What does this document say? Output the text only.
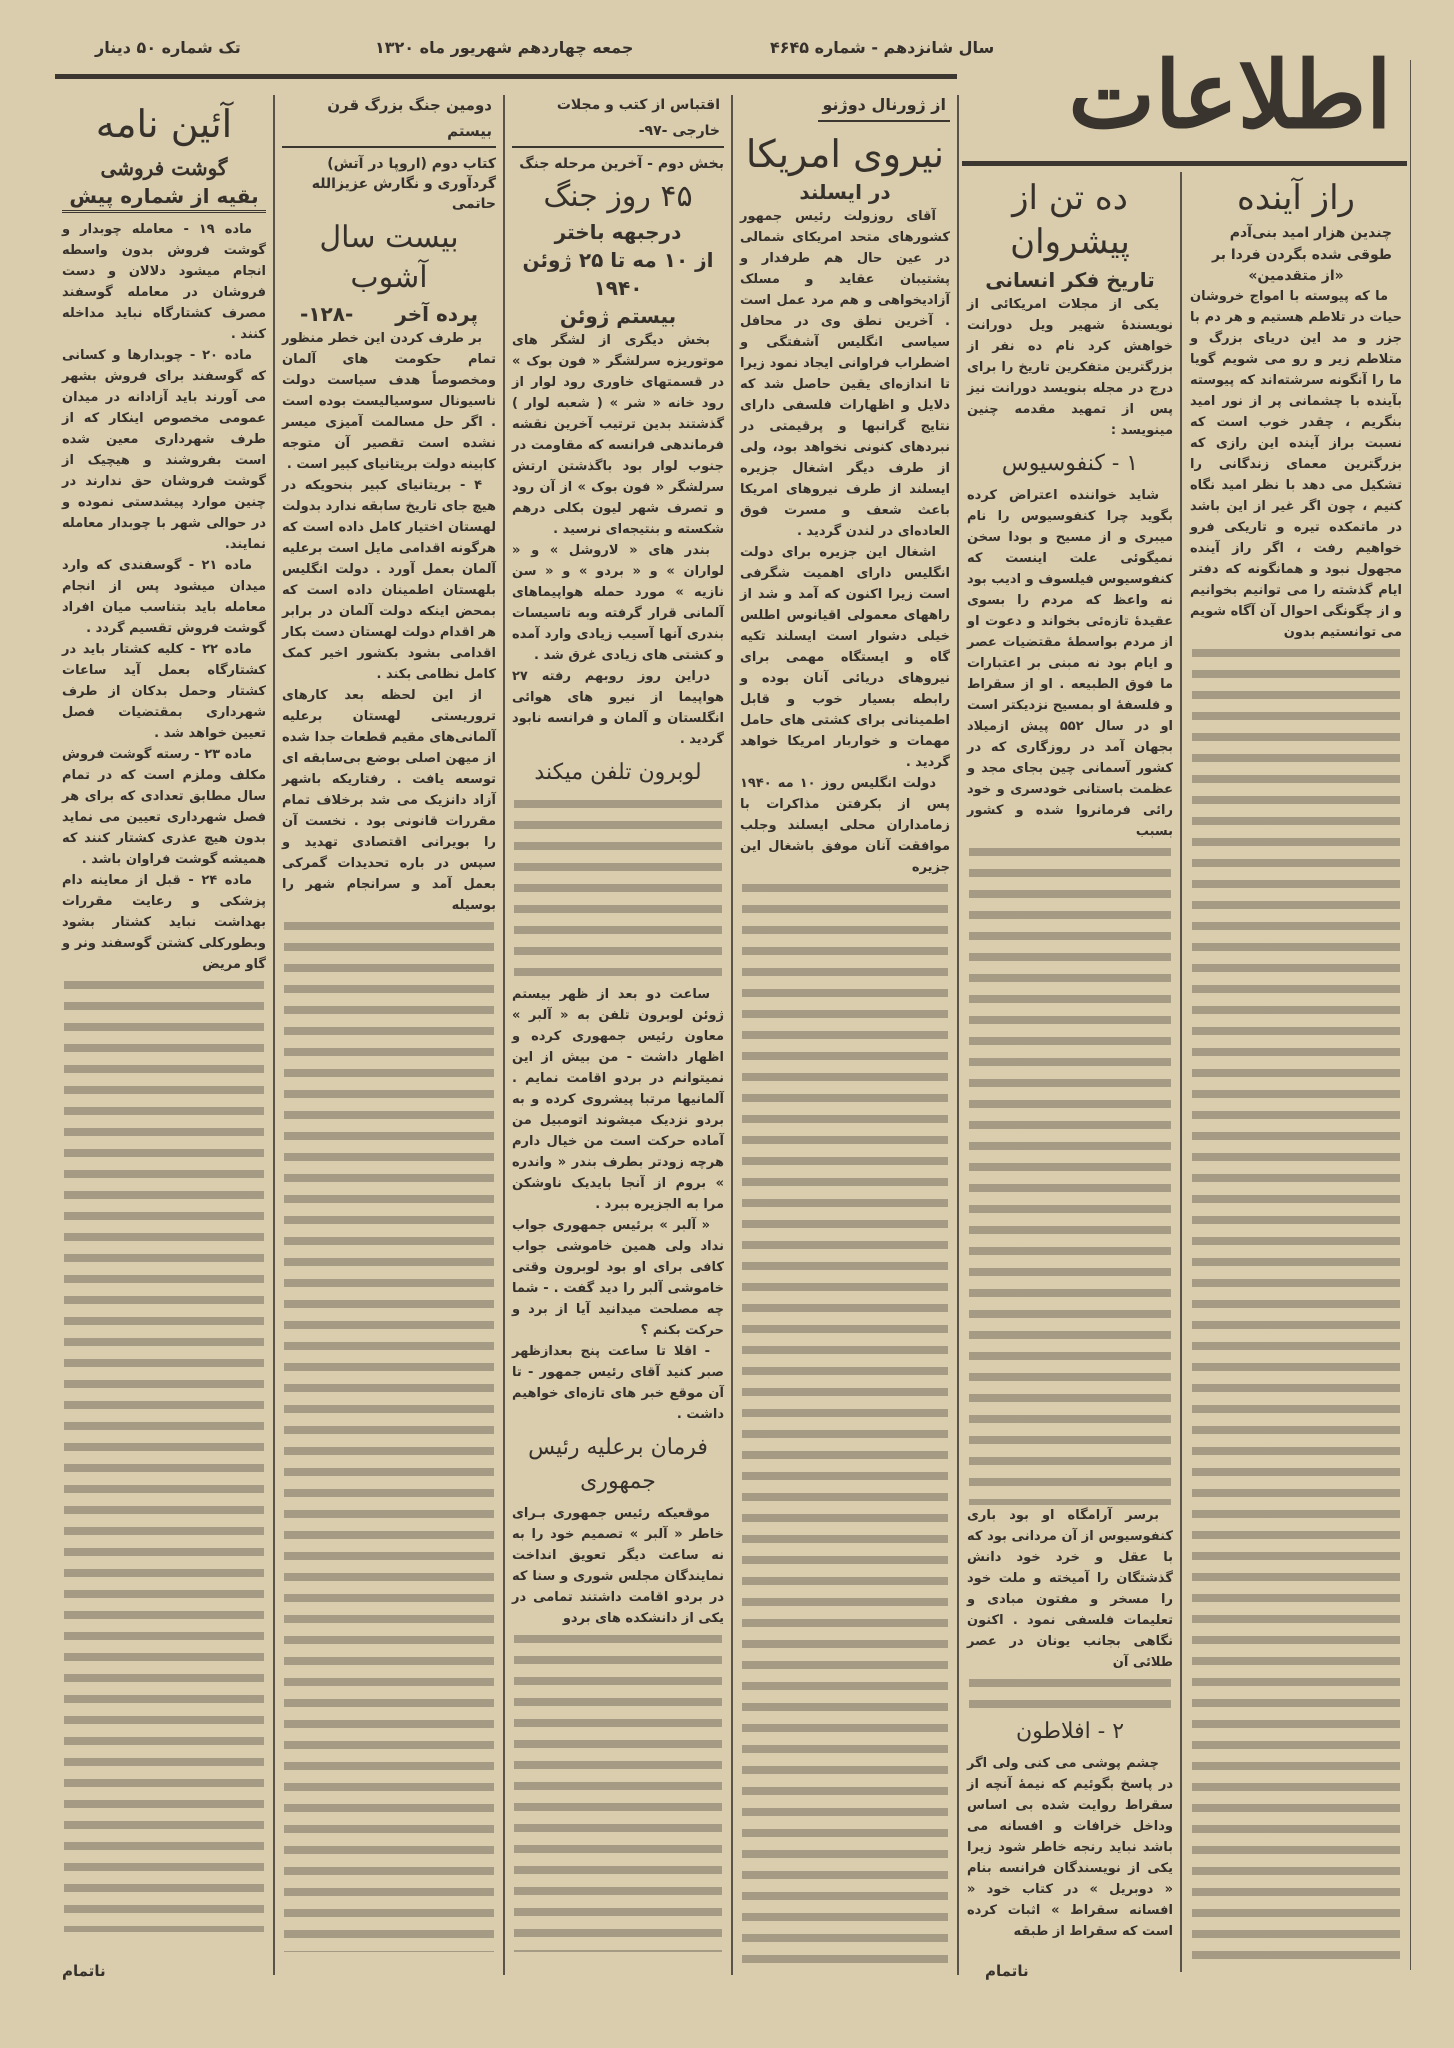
سال شانزدهم - شماره ۴۶۴۵
جمعه چهاردهم شهریور ماه ۱۳۲۰
تک شماره ۵۰ دینار	اطلاعات
راز آینده
چندین هزار امید بنی‌آدم طوقی شده بگردن فردا بر
«از متقدمین»

ما که پیوسته با امواج خروشان حیات در تلاطم هستیم و هر دم با جزر و مد این دریای بزرگ و متلاطم زیر و رو می شویم گویا ما را آنگونه سرشته‌اند که پیوسته بآینده با چشمانی پر از نور امید بنگریم ، چقدر خوب است که نسبت براز آینده این رازی که بزرگترین معمای زندگانی را تشکیل می دهد با نظر امید نگاه کنیم ، چون اگر غیر از این باشد در ماتمکده تیره و تاریکی فرو خواهیم رفت ، اگر راز آینده مجهول نبود و همانگونه که دفتر ایام گذشته را می توانیم بخوانیم و از چگونگی احوال آن آگاه شویم می توانستیم بدون

ده تن از پیشروان
تاریخ فکر انسانی

یکی از مجلات امریکائی از نویسندهٔ شهیر ویل دورانت خواهش کرد نام ده نفر از بزرگترین متفکرین تاریخ را برای درج در مجله بنویسد دورانت نیز پس از تمهید مقدمه چنین مینویسد :

۱ - کنفوسیوس

شاید خواننده اعتراض کرده بگوید چرا کنفوسیوس را نام میبری و از مسیح و بودا سخن نمیگوئی علت اینست که کنفوسیوس فیلسوف و ادیب بود نه واعظ که مردم را بسوی عقیدهٔ تازه‌ئی بخواند و دعوت او از مردم بواسطهٔ مقتضیات عصر و ایام بود نه مبنی بر اعتبارات ما فوق الطبیعه . او از سقراط و فلسفهٔ او بمسیح نزدیکتر است او در سال ۵۵۲ پیش ازمیلاد بجهان آمد در روزگاری که در کشور آسمانی چین بجای مجد و عظمت باستانی خودسری و خود رائی فرمانروا شده و کشور بسبب

برسر آرامگاه او بود باری کنفوسیوس از آن مردانی بود که با عقل و خرد خود دانش گذشتگان را آمیخته و ملت خود را مسخر و مفتون مبادی و تعلیمات فلسفی نمود . اکنون نگاهی بجانب یونان در عصر طلائی آن

۲ - افلاطون

چشم پوشی می کنی ولی اگر در پاسخ بگوئیم که نیمهٔ آنچه از سقراط روایت شده بی اساس وداخل خرافات و افسانه می باشد نباید رنجه خاطر شود زیرا یکی از نویسندگان فرانسه بنام « دوبریل » در کتاب خود « افسانه سقراط » اثبات کرده است که سقراط از طبقه

ناتمام
از ژورنال دوژنو
نیروی امریکا
در ایسلند

آقای روزولت رئیس جمهور کشورهای متحد امریکای شمالی در عین حال هم طرفدار و پشتیبان عقاید و مسلک آزادیخواهی و هم مرد عمل است . آخرین نطق وی در محافل سیاسی انگلیس آشفتگی و اضطراب فراوانی ایجاد نمود زیرا تا اندازه‌ای یقین حاصل شد که دلایل و اظهارات فلسفی دارای نتایج گرانبها و پرقیمتی در نبردهای کنونی نخواهد بود، ولی از طرف دیگر اشغال جزیره ایسلند از طرف نیروهای امریکا باعث شعف و مسرت فوق العاده‌ای در لندن گردید .

اشغال این جزیره برای دولت انگلیس دارای اهمیت شگرفی است زیرا اکنون که آمد و شد از راههای معمولی اقیانوس اطلس خیلی دشوار است ایسلند تکیه گاه و ایستگاه مهمی برای نیروهای دریائی آنان بوده و رابطه بسیار خوب و قابل اطمینانی برای کشتی های حامل مهمات و خواربار امریکا خواهد گردید .

دولت انگلیس روز ۱۰ مه ۱۹۴۰ پس از بکرفتن مذاکرات با زمامداران محلی ایسلند وجلب موافقت آنان موفق باشغال این جزیره

اقتباس از کتب و مجلات خارجی -۹۷-
بخش دوم - آخرین مرحله جنگ
۴۵ روز جنگ
درجبهه باختر
از ۱۰ مه تا ۲۵ ژوئن ۱۹۴۰
بیستم ژوئن

بخش دیگری از لشگر های موتوریزه سرلشگر « فون بوک » در قسمتهای خاوری رود لوار از رود خانه « شر » ( شعبه لوار ) گذشتند بدین ترتیب آخرین نقشه فرماندهی فرانسه که مقاومت در جنوب لوار بود باگذشتن ارتش سرلشگر « فون بوک » از آن رود و تصرف شهر لیون بکلی درهم شکسته و بنتیجه‌ای نرسید .

بندر های « لاروشل » و « لواران » و « بردو » و « سن نازیه » مورد حمله هواپیماهای آلمانی قرار گرفته وبه تاسیسات بندری آنها آسیب زیادی وارد آمده و کشتی های زیادی غرق شد .

دراین روز روبهم رفته ۲۷ هواپیما از نیرو های هوائی انگلستان و آلمان و فرانسه نابود گردید .

لوبرون تلفن میکند

ساعت دو بعد از ظهر بیستم ژوئن لوبرون تلفن به « آلبر » معاون رئیس جمهوری کرده و اظهار داشت - من بیش از این نمیتوانم در بردو اقامت نمایم . آلمانیها مرتبا پیشروی کرده و به بردو نزدیک میشوند اتومبیل من آماده حرکت است من خیال دارم هرچه زودتر بطرف بندر « واندره » بروم از آنجا بایدیک ناوشکن مرا به الجزیره ببرد .

« آلبر » برئیس جمهوری جواب نداد ولی همین خاموشی جواب کافی برای او بود لوبرون وقتی خاموشی آلبر را دید گفت . - شما چه مصلحت میدانید آیا از برد و حرکت بکنم ؟

- اقلا تا ساعت پنج بعدازظهر صبر کنید آقای رئیس جمهور - تا آن موقع خبر های تازه‌ای خواهیم داشت .

فرمان برعلیه رئیس جمهوری

موقعیکه رئیس جمهوری بـرای خاطر « آلبر » تصمیم خود را به نه ساعت دیگر تعویق انداخت نمایندگان مجلس شوری و سنا که در بردو اقامت داشتند تمامی در یکی از دانشکده های بردو

دومین جنگ بزرگ قرن بیستم
کتاب دوم (اروپا در آتش)
گردآوری و نگارش عزیزالله حاتمی
بیست سال آشوب
پرده آخر
-۱۲۸-

بر طرف کردن این خطر منظور تمام حکومت های آلمان ومخصوصاً هدف سیاست دولت ناسیونال سوسیالیست بوده است . اگر حل مسالمت آمیزی میسر نشده است تقصیر آن متوجه کابینه دولت بریتانیای کبیر است .

۴ - بریتانیای کبیر بنحویکه در هیچ جای تاریخ سابقه ندارد بدولت لهستان اختیار کامل داده است که هرگونه اقدامی مایل است برعلیه آلمان بعمل آورد . دولت انگلیس بلهستان اطمینان داده است که بمحض اینکه دولت آلمان در برابر هر اقدام دولت لهستان دست بکار اقدامی بشود بکشور اخیر کمک کامل نظامی بکند .

از این لحظه بعد کارهای تروریستی لهستان برعلیه آلمانی‌های مقیم قطعات جدا شده از میهن اصلی بوضع بی‌سابقه ای توسعه یافت . رفتاریکه باشهر آزاد دانزیک می شد برخلاف تمام مقررات قانونی بود . نخست آن را بویرانی اقتصادی تهدید و سپس در باره تحدیدات گمرکی بعمل آمد و سرانجام شهر را بوسیله

آئین نامه
گوشت فروشی
بقیه از شماره پیش

ماده ۱۹ - معامله چوبدار و گوشت فروش بدون واسطه انجام میشود دلالان و دست فروشان در معامله گوسفند مصرف کشتارگاه نباید مداخله کنند .

ماده ۲۰ - چوبدارها و کسانی که گوسفند برای فروش بشهر می آورند باید آزادانه در میدان عمومی مخصوص اینکار که از طرف شهرداری معین شده است بفروشند و هیچیک از گوشت فروشان حق ندارند در چنین موارد پیشدستی نموده و در حوالی شهر با چوبدار معامله نمایند.

ماده ۲۱ - گوسفندی که وارد میدان میشود پس از انجام معامله باید بتناسب میان افراد گوشت فروش تقسیم گردد .

ماده ۲۲ - کلیه کشتار باید در کشتارگاه بعمل آید ساعات کشتار وحمل بدکان از طرف شهرداری بمقتضیات فصل تعیین خواهد شد .

ماده ۲۳ - رسته گوشت فروش مکلف وملزم است که در تمام سال مطابق تعدادی که برای هر فصل شهرداری تعیین می نماید بدون هیچ عذری کشتار کنند که همیشه گوشت فراوان باشد .

ماده ۲۴ - قبل از معاینه دام پزشکی و رعایت مقررات بهداشت نباید کشتار بشود وبطورکلی کشتن گوسفند ونر و گاو مریض

ناتمام
